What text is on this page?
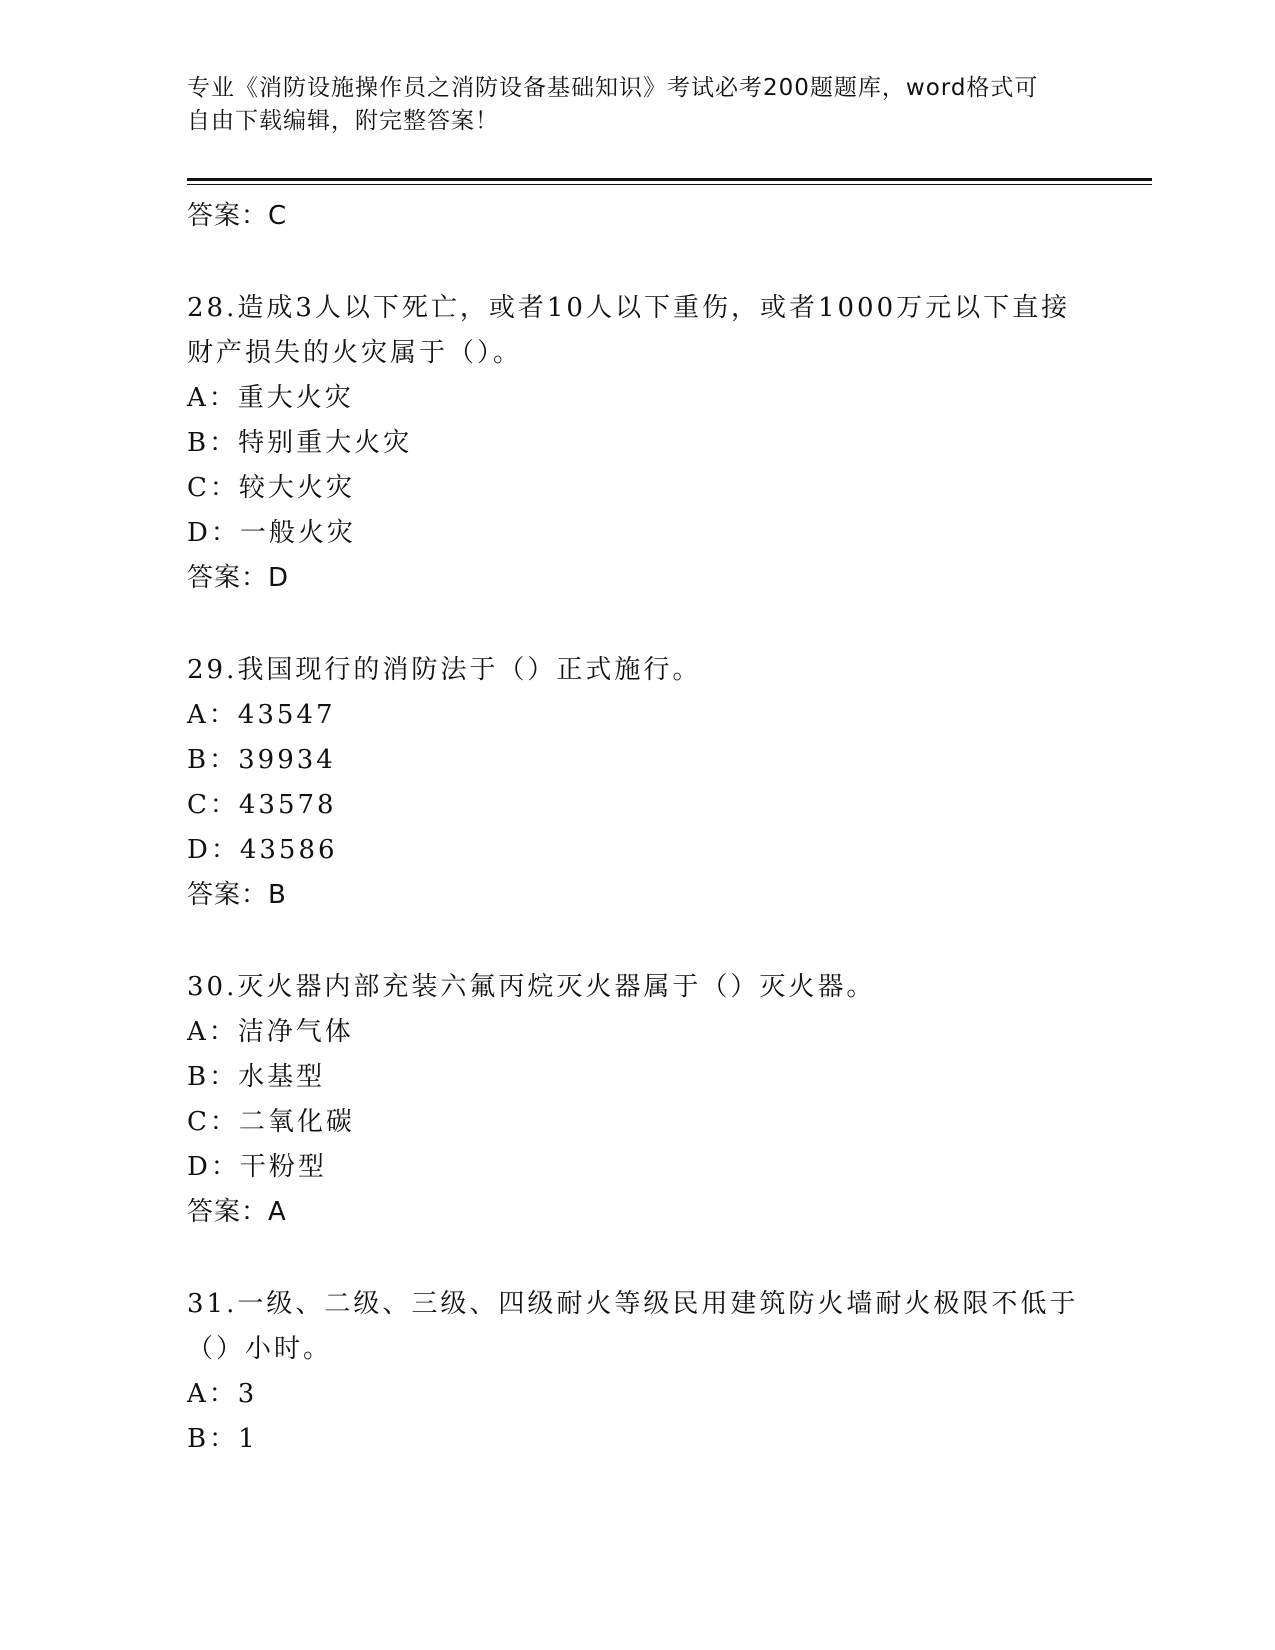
专业《消防设施操作员之消防设备基础知识》考试必考200题题库，word格式可
自由下载编辑，附完整答案！
答案：C
28.造成3人以下死亡，或者10人以下重伤，或者1000万元以下直接
财产损失的火灾属于（）。
A：重大火灾
B：特别重大火灾
C：较大火灾
D：一般火灾
答案：D
29.我国现行的消防法于（）正式施行。
A：43547
B：39934
C：43578
D：43586
答案：B
30.灭火器内部充装六氟丙烷灭火器属于（）灭火器。
A：洁净气体
B：水基型
C：二氧化碳
D：干粉型
答案：A
31.一级、二级、三级、四级耐火等级民用建筑防火墙耐火极限不低于
（）小时。
A：3
B：1
